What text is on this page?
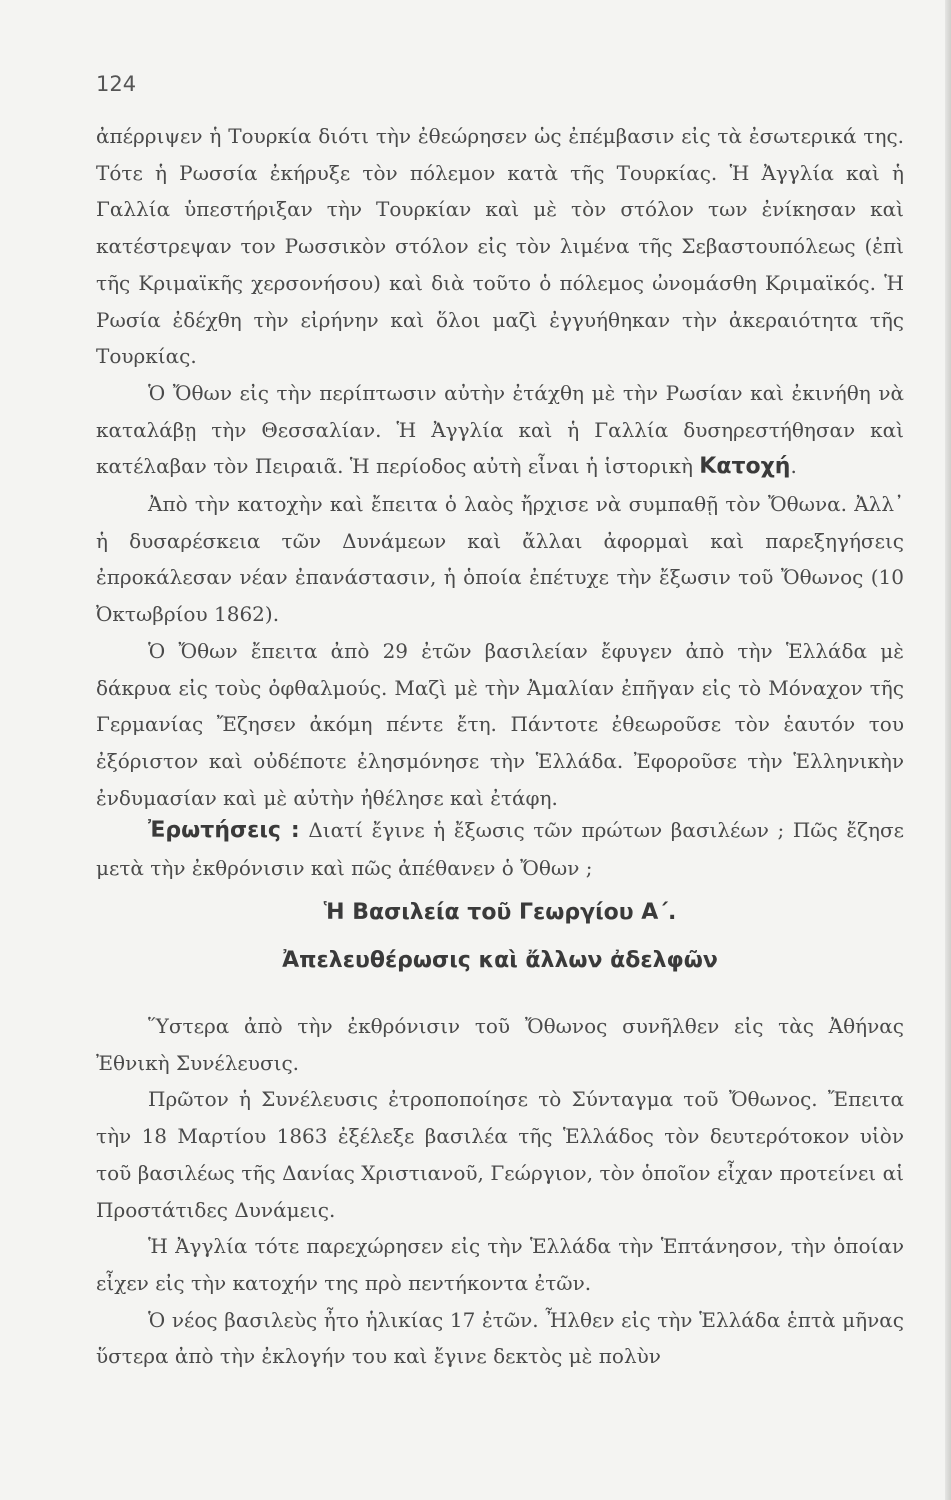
124

ἀπέρριψεν ἡ Τουρκία διότι τὴν ἐθεώρησεν ὡς ἐπέμβασιν εἰς τὰ ἐσωτερικά της. Τότε ἡ Ρωσσία ἐκήρυξε τὸν πόλεμον κατὰ τῆς Τουρκίας. Ἡ Ἀγγλία καὶ ἡ Γαλλία ὑπεστήριξαν τὴν Τουρκίαν καὶ μὲ τὸν στόλον των ἐνίκησαν καὶ κατέστρεψαν τον Ρωσσικὸν στόλον εἰς τὸν λιμένα τῆς Σεβαστουπόλεως (ἐπὶ τῆς Κριμαϊκῆς χερσονήσου) καὶ διὰ τοῦτο ὁ πόλεμος ὠνομάσθη Κριμαϊκός. Ἡ Ρωσία ἐδέχθη τὴν εἰρήνην καὶ ὅλοι μαζὶ ἐγγυήθηκαν τὴν ἀκεραιότητα τῆς Τουρκίας.

Ὁ Ὄθων εἰς τὴν περίπτωσιν αὐτὴν ἐτάχθη μὲ τὴν Ρωσίαν καὶ ἐκινήθη νὰ καταλάβῃ τὴν Θεσσαλίαν. Ἡ Ἀγγλία καὶ ἡ Γαλλία δυσηρεστήθησαν καὶ κατέλαβαν τὸν Πειραιᾶ. Ἡ περίοδος αὐτὴ εἶναι ἡ ἱστορικὴ Κατοχή.

Ἀπὸ τὴν κατοχὴν καὶ ἔπειτα ὁ λαὸς ἤρχισε νὰ συμπαθῇ τὸν Ὄθωνα. Ἀλλ᾿ ἡ δυσαρέσκεια τῶν Δυνάμεων καὶ ἄλλαι ἀφορμαὶ καὶ παρεξηγήσεις ἐπροκάλεσαν νέαν ἐπανάστασιν, ἡ ὁποία ἐπέτυχε τὴν ἔξωσιν τοῦ Ὄθωνος (10 Ὀκτωβρίου 1862).

Ὁ Ὄθων ἔπειτα ἀπὸ 29 ἐτῶν βασιλείαν ἔφυγεν ἀπὸ τὴν Ἑλλάδα μὲ δάκρυα εἰς τοὺς ὀφθαλμούς. Μαζὶ μὲ τὴν Ἀμαλίαν ἐπῆγαν εἰς τὸ Μόναχον τῆς Γερμανίας Ἔζησεν ἀκόμη πέντε ἔτη. Πάντοτε ἐθεωροῦσε τὸν ἑαυτόν του ἐξόριστον καὶ οὐδέποτε ἐλησμόνησε τὴν Ἑλλάδα. Ἐφοροῦσε τὴν Ἑλληνικὴν ἐνδυμασίαν καὶ μὲ αὐτὴν ἠθέλησε καὶ ἐτάφη.

Ἐρωτήσεις : Διατί ἔγινε ἡ ἔξωσις τῶν πρώτων βασιλέων ; Πῶς ἔζησε μετὰ τὴν ἐκθρόνισιν καὶ πῶς ἀπέθανεν ὁ Ὄθων ;

Ἡ Βασιλεία τοῦ Γεωργίου Α΄.
Ἀπελευθέρωσις καὶ ἄλλων ἀδελφῶν

Ὕστερα ἀπὸ τὴν ἐκθρόνισιν τοῦ Ὄθωνος συνῆλθεν εἰς τὰς Ἀθήνας Ἐθνικὴ Συνέλευσις.

Πρῶτον ἡ Συνέλευσις ἐτροποποίησε τὸ Σύνταγμα τοῦ Ὄθωνος. Ἔπειτα τὴν 18 Μαρτίου 1863 ἐξέλεξε βασιλέα τῆς Ἑλλάδος τὸν δευτερότοκον υἱὸν τοῦ βασιλέως τῆς Δανίας Χριστιανοῦ, Γεώργιον, τὸν ὁποῖον εἶχαν προτείνει αἱ Προστάτιδες Δυνάμεις.

Ἡ Ἀγγλία τότε παρεχώρησεν εἰς τὴν Ἑλλάδα τὴν Ἑπτάνησον, τὴν ὁποίαν εἶχεν εἰς τὴν κατοχήν της πρὸ πεντήκοντα ἐτῶν.

Ὁ νέος βασιλεὺς ἦτο ἡλικίας 17 ἐτῶν. Ἦλθεν εἰς τὴν Ἑλλάδα ἑπτὰ μῆνας ὕστερα ἀπὸ τὴν ἐκλογήν του καὶ ἔγινε δεκτὸς μὲ πολὺν
